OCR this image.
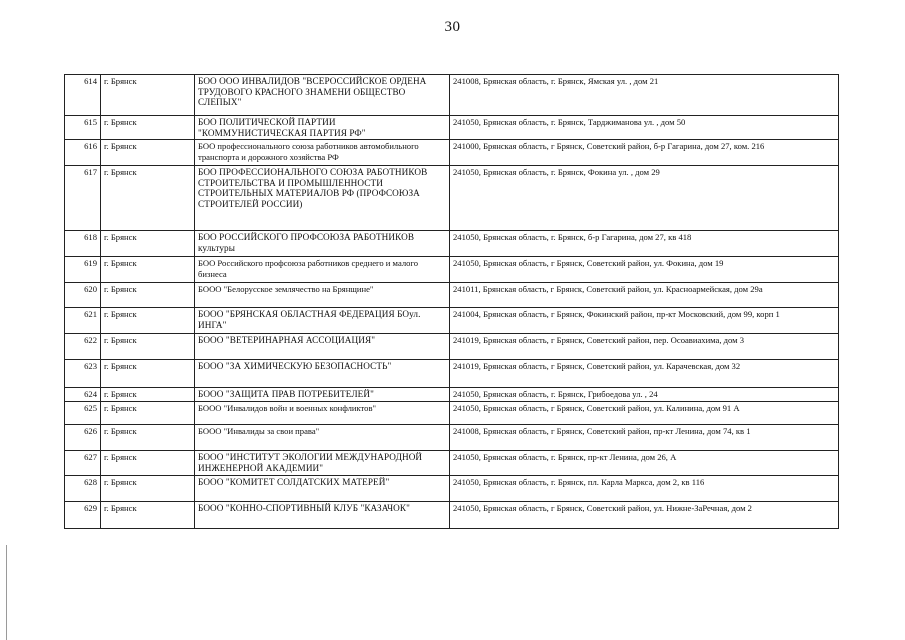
30
614	г. Брянск	БОО ООО ИНВАЛИДОВ "ВСЕРОССИЙСКОЕ ОРДЕНА ТРУДОВОГО КРАСНОГО ЗНАМЕНИ ОБЩЕСТВО СЛЕПЫХ"	241008, Брянская область, г. Брянск, Ямская ул. , дом 21
615	г. Брянск	БОО ПОЛИТИЧЕСКОЙ ПАРТИИ "КОММУНИСТИЧЕСКАЯ ПАРТИЯ РФ"	241050, Брянская область, г. Брянск, Тарджиманова ул. , дом 50
616	г. Брянск	БОО профессионального союза работников автомобильного транспорта и дорожного хозяйства РФ	241000, Брянская область, г Брянск, Советский район, б-р Гагарина, дом 27, ком. 216
617	г. Брянск	БОО ПРОФЕССИОНАЛЬНОГО СОЮЗА РАБОТНИКОВ СТРОИТЕЛЬСТВА И ПРОМЫШЛЕННОСТИ СТРОИТЕЛЬНЫХ МАТЕРИАЛОВ РФ (ПРОФСОЮЗА СТРОИТЕЛЕЙ РОССИИ)	241050, Брянская область, г. Брянск, Фокина ул. , дом 29
618	г. Брянск	БОО РОССИЙСКОГО ПРОФСОЮЗА РАБОТНИКОВ культуры	241050, Брянская область, г. Брянск, б-р Гагарина, дом 27, кв 418
619	г. Брянск	БОО Российского профсоюза работников среднего и малого бизнеса	241050, Брянская область, г Брянск, Советский район, ул. Фокина, дом 19
620	г. Брянск	БООО "Белорусское землячество на Брянщине"	241011, Брянская область, г Брянск, Советский район, ул. Красноармейская, дом 29а
621	г. Брянск	БООО "БРЯНСКАЯ ОБЛАСТНАЯ ФЕДЕРАЦИЯ БОул. ИНГА"	241004, Брянская область, г Брянск, Фокинский район, пр-кт Московский, дом 99, корп 1
622	г. Брянск	БООО "ВЕТЕРИНАРНАЯ АССОЦИАЦИЯ"	241019, Брянская область, г Брянск, Советский район, пер. Осоавиахима, дом 3
623	г. Брянск	БООО "ЗА ХИМИЧЕСКУЮ БЕЗОПАСНОСТЬ"	241019, Брянская область, г Брянск, Советский район, ул. Карачевская, дом 32
624	г. Брянск	БООО "ЗАЩИТА ПРАВ ПОТРЕБИТЕЛЕЙ"	241050, Брянская область, г. Брянск, Грибоедова ул. , 24
625	г. Брянск	БООО "Инвалидов войн и военных конфликтов"	241050, Брянская область, г Брянск, Советский район, ул. Калинина, дом 91 А
626	г. Брянск	БООО "Инвалиды за свои права"	241008, Брянская область, г Брянск, Советский район, пр-кт Ленина, дом 74, кв 1
627	г. Брянск	БООО "ИНСТИТУТ ЭКОЛОГИИ МЕЖДУНАРОДНОЙ ИНЖЕНЕРНОЙ АКАДЕМИИ"	241050, Брянская область, г. Брянск, пр-кт Ленина, дом 26, А
628	г. Брянск	БООО "КОМИТЕТ СОЛДАТСКИХ МАТЕРЕЙ"	241050, Брянская область, г. Брянск, пл. Карла Маркса, дом 2, кв 116
629	г. Брянск	БООО "КОННО-СПОРТИВНЫЙ КЛУБ "КАЗАЧОК"	241050, Брянская область, г Брянск, Советский район, ул. Нижне-ЗаРечная, дом 2
